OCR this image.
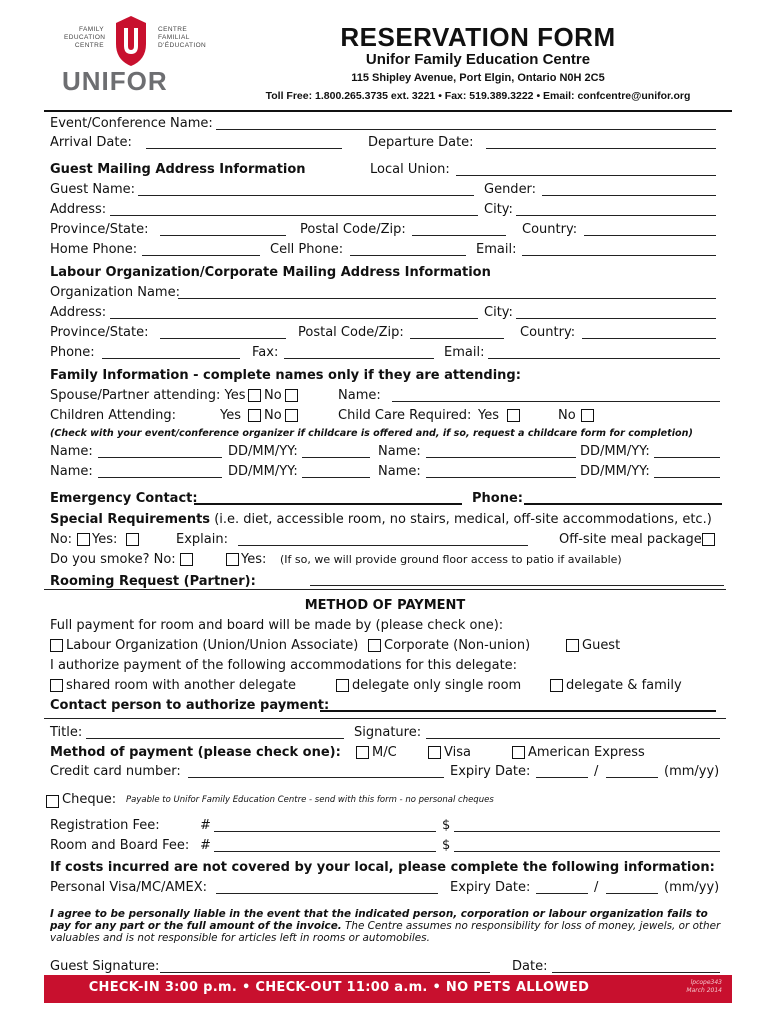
FAMILY
EDUCATION
CENTRE
CENTRE
FAMILIAL
D'ÉDUCATION
UNIFOR
RESERVATION FORM
Unifor Family Education Centre
115 Shipley Avenue, Port Elgin, Ontario N0H 2C5
Toll Free: 1.800.265.3735 ext. 3221 • Fax: 519.389.3222 • Email: confcentre@unifor.org
Event/Conference Name:
Arrival Date:	Departure Date:
Guest Mailing Address Information	Local Union:
Guest Name:	Gender:
Address:	City:
Province/State:	Postal Code/Zip:	Country:
Home Phone:	Cell Phone:	Email:
Labour Organization/Corporate Mailing Address Information
Organization Name:
Address:	City:
Province/State:	Postal Code/Zip:	Country:
Phone:	Fax:	Email:
Family Information - complete names only if they are attending:
Spouse/Partner attending: Yes No	Name:
Children Attending:	Yes No	Child Care Required: Yes	No
(Check with your event/conference organizer if childcare is offered and, if so, request a childcare form for completion)
Name:	DD/MM/YY:	Name:	DD/MM/YY:
Name:	DD/MM/YY:	Name:	DD/MM/YY:
Emergency Contact:	Phone:
Special Requirements (i.e. diet, accessible room, no stairs, medical, off-site accommodations, etc.)
No: Yes:	Explain:	Off-site meal package
Do you smoke? No:	Yes: (If so, we will provide ground floor access to patio if available)
Rooming Request (Partner):
METHOD OF PAYMENT
Full payment for room and board will be made by (please check one):
Labour Organization (Union/Union Associate) Corporate (Non-union)	Guest
I authorize payment of the following accommodations for this delegate:
shared room with another delegate	delegate only single room	delegate & family
Contact person to authorize payment:
Title:	Signature:
Method of payment (please check one): M/C	Visa	American Express
Credit card number:	Expiry Date:	/	(mm/yy)
Cheque: Payable to Unifor Family Education Centre - send with this form - no personal cheques
Registration Fee:	#	$
Room and Board Fee: #	$
If costs incurred are not covered by your local, please complete the following information:
Personal Visa/MC/AMEX:	Expiry Date:	/	(mm/yy)
I agree to be personally liable in the event that the indicated person, corporation or labour organization fails to pay for any part or the full amount of the invoice. The Centre assumes no responsibility for loss of money, jewels, or other valuables and is not responsible for articles left in rooms or automobiles.
Guest Signature:	Date:
CHECK-IN 3:00 p.m. • CHECK-OUT 11:00 a.m. • NO PETS ALLOWED	lpcope343
March 2014
